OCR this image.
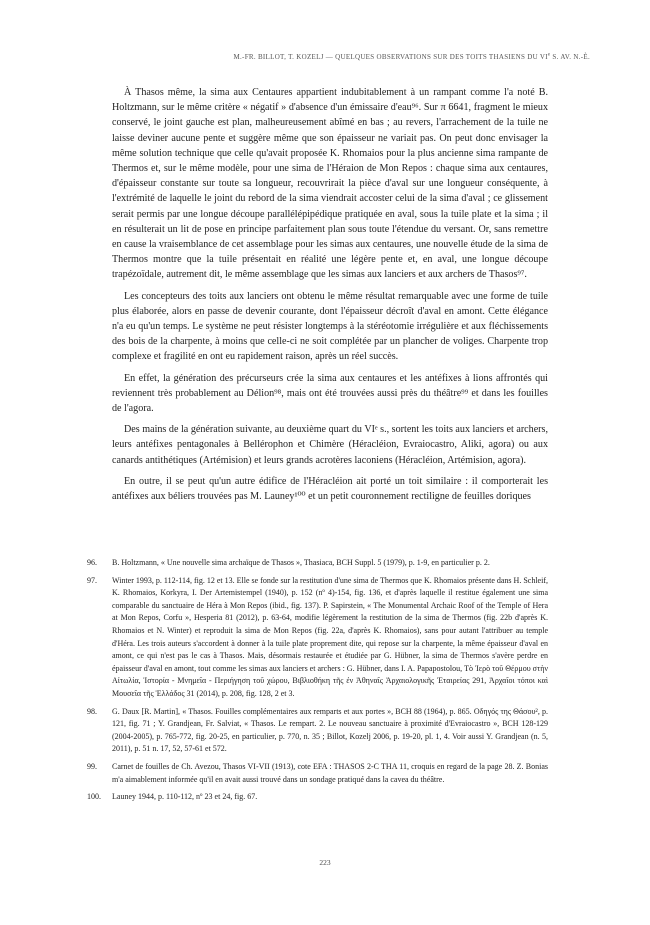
M.-FR. BILLOT, T. KOZELJ — QUELQUES OBSERVATIONS SUR DES TOITS THASIENS DU VIe S. AV. N.-È.

À Thasos même, la sima aux Centaures appartient indubitablement à un rampant comme l'a noté B. Holtzmann, sur le même critère « négatif » d'absence d'un émissaire d'eau⁹⁶. Sur π 6641, fragment le mieux conservé, le joint gauche est plan, malheureusement abîmé en bas ; au revers, l'arrachement de la tuile ne laisse deviner aucune pente et suggère même que son épaisseur ne variait pas. On peut donc envisager la même solution technique que celle qu'avait proposée K. Rhomaios pour la plus ancienne sima rampante de Thermos et, sur le même modèle, pour une sima de l'Héraion de Mon Repos : chaque sima aux centaures, d'épaisseur constante sur toute sa longueur, recouvrirait la pièce d'aval sur une longueur conséquente, à l'extrémité de laquelle le joint du rebord de la sima viendrait accoster celui de la sima d'aval ; ce glissement serait permis par une longue découpe parallélépipédique pratiquée en aval, sous la tuile plate et la sima ; il en résulterait un lit de pose en principe parfaitement plan sous toute l'étendue du versant. Or, sans remettre en cause la vraisemblance de cet assemblage pour les simas aux centaures, une nouvelle étude de la sima de Thermos montre que la tuile présentait en réalité une légère pente et, en aval, une longue découpe trapézoïdale, autrement dit, le même assemblage que les simas aux lanciers et aux archers de Thasos⁹⁷.

Les concepteurs des toits aux lanciers ont obtenu le même résultat remarquable avec une forme de tuile plus élaborée, alors en passe de devenir courante, dont l'épaisseur décroît d'aval en amont. Cette élégance n'a eu qu'un temps. Le système ne peut résister longtemps à la stéréotomie irrégulière et aux fléchissements des bois de la charpente, à moins que celle-ci ne soit complétée par un plancher de voliges. Charpente trop complexe et fragilité en ont eu rapidement raison, après un réel succès.

En effet, la génération des précurseurs crée la sima aux centaures et les antéfixes à lions affrontés qui reviennent très probablement au Délion⁹⁸, mais ont été trouvées aussi près du théâtre⁹⁹ et dans les fouilles de l'agora.

Des mains de la génération suivante, au deuxième quart du VIᵉ s., sortent les toits aux lanciers et archers, leurs antéfixes pentagonales à Bellérophon et Chimère (Héracléion, Evraiocastro, Aliki, agora) ou aux canards antithétiques (Artémision) et leurs grands acrotères laconiens (Héracléion, Artémision, agora).

En outre, il se peut qu'un autre édifice de l'Héracléion ait porté un toit similaire : il comporterait les antéfixes aux béliers trouvées pas M. Launey¹⁰⁰ et un petit couronnement rectiligne de feuilles doriques

96.	B. Holtzmann, « Une nouvelle sima archaïque de Thasos », Thasiaca, BCH Suppl. 5 (1979), p. 1-9, en particulier p. 2.
97.	Winter 1993, p. 112-114, fig. 12 et 13. Elle se fonde sur la restitution d'une sima de Thermos que K. Rhomaios présente dans H. Schleif, K. Rhomaios, Korkyra, I. Der Artemistempel (1940), p. 152 (nº 4)-154, fig. 136, et d'après laquelle il restitue également une sima comparable du sanctuaire de Héra à Mon Repos (ibid., fig. 137). P. Sapirstein, « The Monumental Archaic Roof of the Temple of Hera at Mon Repos, Corfu », Hesperia 81 (2012), p. 63-64, modifie légèrement la restitution de la sima de Thermos (fig. 22b d'après K. Rhomaios et N. Winter) et reproduit la sima de Mon Repos (fig. 22a, d'après K. Rhomaios), sans pour autant l'attribuer au temple d'Héra. Les trois auteurs s'accordent à donner à la tuile plate proprement dite, qui repose sur la charpente, la même épaisseur d'aval en amont, ce qui n'est pas le cas à Thasos. Mais, désormais restaurée et étudiée par G. Hübner, la sima de Thermos s'avère perdre en épaisseur d'aval en amont, tout comme les simas aux lanciers et archers : G. Hübner, dans I. A. Papapostolou, Τὸ Ἱερὸ τοῦ Θέρμου στὴν Αἰτωλία, Ἱστορία - Μνημεῖα - Περιήγηση τοῦ χώρου, Βιβλιοθήκη τῆς ἐν Ἀθηναῖς Ἀρχαιολογικῆς Ἑταιρείας 291, Ἀρχαῖοι τόποι καὶ Μουσεῖα τῆς Ἑλλάδος 31 (2014), p. 208, fig. 128, 2 et 3.
98.	G. Daux [R. Martin], « Thasos. Fouilles complémentaires aux remparts et aux portes », BCH 88 (1964), p. 865. Οδηγός της Θάσου², p. 121, fig. 71 ; Y. Grandjean, Fr. Salviat, « Thasos. Le rempart. 2. Le nouveau sanctuaire à proximité d'Evraiocastro », BCH 128-129 (2004-2005), p. 765-772, fig. 20-25, en particulier, p. 770, n. 35 ; Billot, Kozelj 2006, p. 19-20, pl. 1, 4. Voir aussi Y. Grandjean (n. 5, 2011), p. 51 n. 17, 52, 57-61 et 572.
99.	Carnet de fouilles de Ch. Avezou, Thasos VI-VII (1913), cote EFA : THASOS 2-C THA 11, croquis en regard de la page 28. Z. Bonias m'a aimablement informée qu'il en avait aussi trouvé dans un sondage pratiqué dans la cavea du théâtre.
100.	Launey 1944, p. 110-112, nº 23 et 24, fig. 67.
223
